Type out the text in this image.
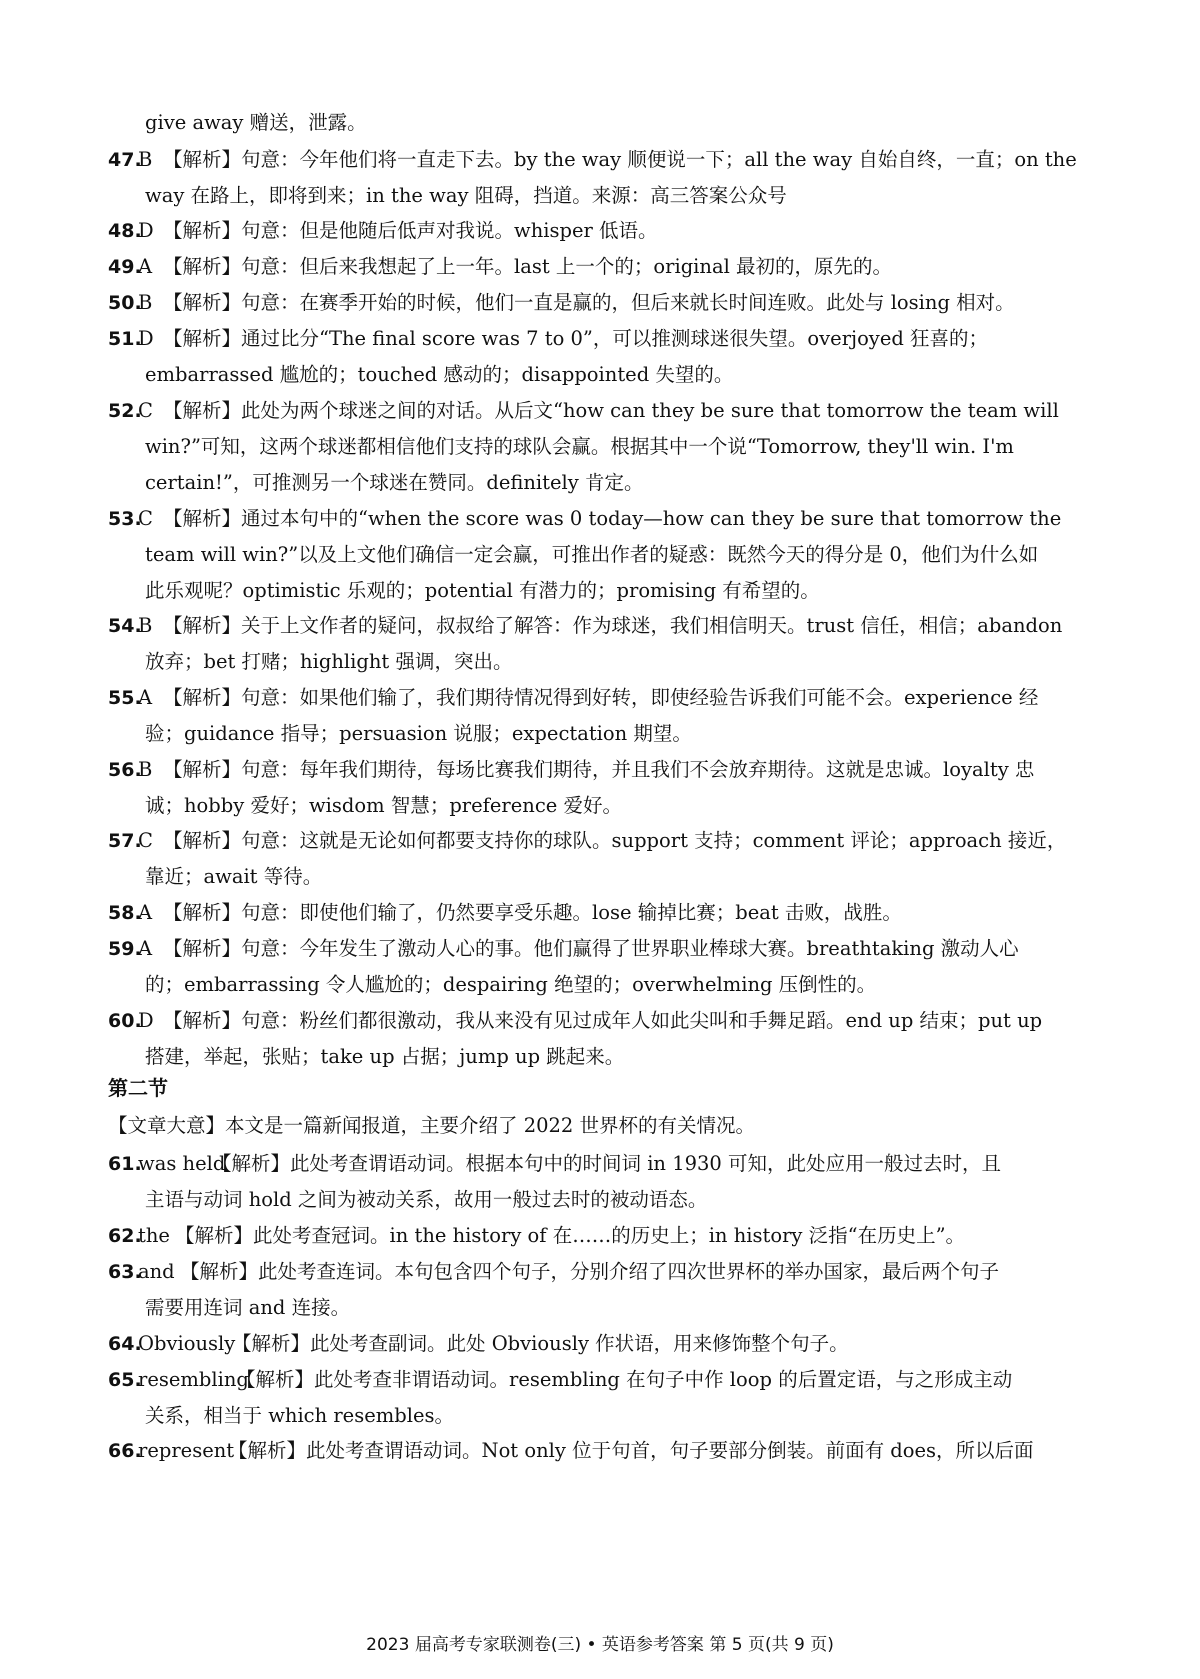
give away 赠送，泄露。
47.
B 【解析】句意：今年他们将一直走下去。by the way 顺便说一下；all the way 自始自终，一直；on the
way 在路上，即将到来；in the way 阻碍，挡道。来源：高三答案公众号
48.
D 【解析】句意：但是他随后低声对我说。whisper 低语。
49.
A 【解析】句意：但后来我想起了上一年。last 上一个的；original 最初的，原先的。
50.
B 【解析】句意：在赛季开始的时候，他们一直是赢的，但后来就长时间连败。此处与 losing 相对。
51.
D 【解析】通过比分“The final score was 7 to 0”，可以推测球迷很失望。overjoyed 狂喜的；
embarrassed 尴尬的；touched 感动的；disappointed 失望的。
52.
C 【解析】此处为两个球迷之间的对话。从后文“how can they be sure that tomorrow the team will
win?”可知，这两个球迷都相信他们支持的球队会赢。根据其中一个说“Tomorrow, they'll win. I'm
certain!”，可推测另一个球迷在赞同。definitely 肯定。
53.
C 【解析】通过本句中的“when the score was 0 today—how can they be sure that tomorrow the
team will win?”以及上文他们确信一定会赢，可推出作者的疑惑：既然今天的得分是 0，他们为什么如
此乐观呢？optimistic 乐观的；potential 有潜力的；promising 有希望的。
54.
B 【解析】关于上文作者的疑问，叔叔给了解答：作为球迷，我们相信明天。trust 信任，相信；abandon
放弃；bet 打赌；highlight 强调，突出。
55.
A 【解析】句意：如果他们输了，我们期待情况得到好转，即使经验告诉我们可能不会。experience 经
验；guidance 指导；persuasion 说服；expectation 期望。
56.
B 【解析】句意：每年我们期待，每场比赛我们期待，并且我们不会放弃期待。这就是忠诚。loyalty 忠
诚；hobby 爱好；wisdom 智慧；preference 爱好。
57.
C 【解析】句意：这就是无论如何都要支持你的球队。support 支持；comment 评论；approach 接近，
靠近；await 等待。
58.
A 【解析】句意：即使他们输了，仍然要享受乐趣。lose 输掉比赛；beat 击败，战胜。
59.
A 【解析】句意：今年发生了激动人心的事。他们赢得了世界职业棒球大赛。breathtaking 激动人心
的；embarrassing 令人尴尬的；despairing 绝望的；overwhelming 压倒性的。
60.
D 【解析】句意：粉丝们都很激动，我从来没有见过成年人如此尖叫和手舞足蹈。end up 结束；put up
搭建，举起，张贴；take up 占据；jump up 跳起来。
第二节
【文章大意】本文是一篇新闻报道，主要介绍了 2022 世界杯的有关情况。
61.
was held
【解析】此处考查谓语动词。根据本句中的时间词 in 1930 可知，此处应用一般过去时，且
主语与动词 hold 之间为被动关系，故用一般过去时的被动语态。
62.
the 【解析】此处考查冠词。in the history of 在……的历史上；in history 泛指“在历史上”。
63.
and 【解析】此处考查连词。本句包含四个句子，分别介绍了四次世界杯的举办国家，最后两个句子
需要用连词 and 连接。
64.
Obviously
【解析】此处考查副词。此处 Obviously 作状语，用来修饰整个句子。
65.
resembling
【解析】此处考查非谓语动词。resembling 在句子中作 loop 的后置定语，与之形成主动
关系，相当于 which resembles。
66.
represent
【解析】此处考查谓语动词。Not only 位于句首，句子要部分倒装。前面有 does，所以后面
2023 届高考专家联测卷(三) • 英语参考答案 第 5 页(共 9 页)
